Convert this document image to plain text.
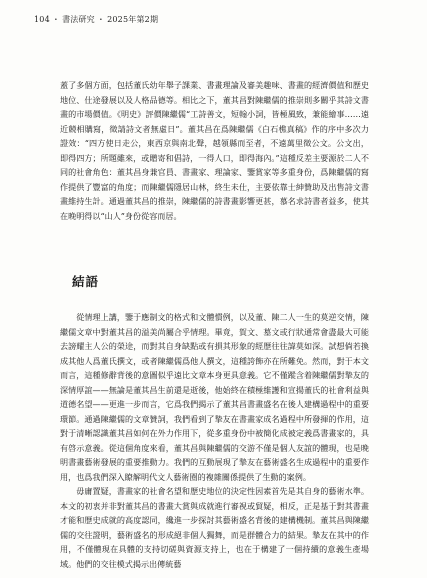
104 ・ 書法研究 ・ 2025年第2期

蓋了多個方面，包括董氏幼年舉子課業、書畫理論及審美趣味、書畫的經濟價值和歷史地位、仕途發展以及人格品德等。相比之下，董其昌對陳繼儒的推崇則多關乎其詩文書畫的市場價值。《明史》評價陳繼儒“工詩善文，短翰小詞，皆極風致，兼能繪事……遠近競相購寫，徵請詩文者無虛日”。董其昌在爲陳繼儒《白石樵真稿》作的序中多次力證效：“四方使日走公，東西京與南北聲，越領縣而至者，不遠萬里徵公文。公文出，即得四方；所題雖來，或贈寄和倡詩，一得人口，即得海內。”這種反差主要源於二人不同的社會角色：董其昌身兼官員、書畫家、理論家、鑒賞家等多重身份，爲陳繼儒的寫作提供了豐富的角度；而陳繼儒隱居山林，終生未仕，主要依靠士紳贊助及出售詩文書畫維持生計。通過董其昌的推崇，陳繼儒的詩書畫影響更甚，慕名求詩書者益多，使其在晚明得以“山人”身份從容而居。

結語

從情理上講，鑒于應制文的格式和文體慣例，以及董、陳二人一生的莫逆交情，陳繼儒文章中對董其昌的溢美尚屬合乎情理。畢竟，賀文、墓文或行狀通常會盡最大可能去謗耀主人公的榮途，而對其自身缺點或有損其形象的經歷往往諱莫如深。試想倘若換成其他人爲董氏撰文，或者陳繼儒爲他人撰文，這種誇飾亦在所難免。然而，對于本文而言，這種修辭背後的意圖似乎遠比文章本身更具意義。它不僅蹤含着陳繼儒對摯友的深情厚誼——無論是董其昌生前還是逝後，他始終在積極維護和宣揚董氏的社會利益與道德名望——更進一步而言，它爲我們揭示了董其昌書畫盛名在後人建構過程中的重要環節。通過陳繼儒的文章贊詞，我們看到了摯友在書畫家成名過程中所發揮的作用，這對于清晰認識董其昌如何在外力作用下，從多重身份中被簡化成被定義爲書畫家的，具有啓示意義。從這個角度來看，董其昌與陳繼儒的交游不僅是個人友誼的體現，也是晚明書畫藝術發展的重要推動力。我們的互動展現了摯友在藝術盛名生成過程中的重要作用，也爲我們深入瞭解明代文人藝術圈的複雜關係提供了生動的案例。

毋庸置疑，書畫家的社會名望和歷史地位的決定性因素首先是其自身的藝術水準。本文的初衷并非對董其昌的書畫大賞與成就進行審視或貿疑，相反，正是基于對其書畫才能和歷史成就的高度認同，纔進一步探討其藝術盛名背後的建構機制。董其昌與陳繼儒的交往證明，藝術盛名的形成絕非個人獨舞，而是群體合力的結果。摯友在其中的作用，不僅體現在具體的支持切磋與資源支持上，也在于構建了一個持續的意義生產場域。他們的交往模式揭示出傳統藝
